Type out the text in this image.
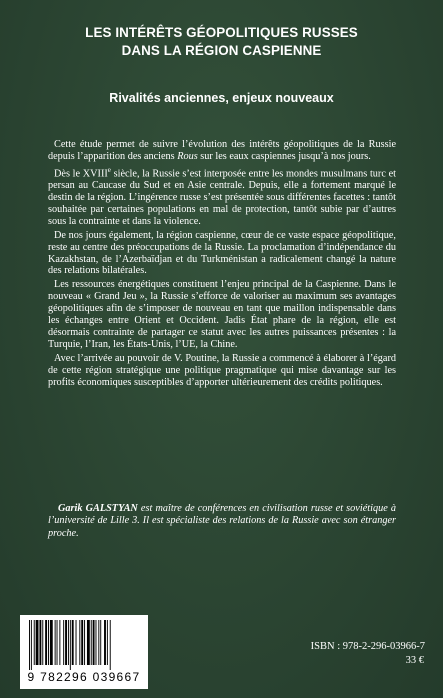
LES INTÉRÊTS GÉOPOLITIQUES RUSSES
DANS LA RÉGION CASPIENNE
Rivalités anciennes, enjeux nouveaux

Cette étude permet de suivre l’évolution des intérêts géopolitiques de la Russie depuis l’apparition des anciens Rous sur les eaux caspiennes jusqu’à nos jours.

Dès le XVIIIe siècle, la Russie s’est interposée entre les mondes musulmans turc et persan au Caucase du Sud et en Asie centrale. Depuis, elle a fortement marqué le destin de la région. L’ingérence russe s’est présentée sous différentes facettes : tantôt souhaitée par certaines populations en mal de protection, tantôt subie par d’autres sous la contrainte et dans la violence.

De nos jours également, la région caspienne, cœur de ce vaste espace géopolitique, reste au centre des préoccupations de la Russie. La proclamation d’indépendance du Kazakhstan, de l’Azerbaïdjan et du Turkménistan a radicalement changé la nature des relations bilatérales.

Les ressources énergétiques constituent l’enjeu principal de la Caspienne. Dans le nouveau « Grand Jeu », la Russie s’efforce de valoriser au maximum ses avantages géopolitiques afin de s’imposer de nouveau en tant que maillon indispensable dans les échanges entre Orient et Occident. Jadis État phare de la région, elle est désormais contrainte de partager ce statut avec les autres puissances présentes : la Turquie, l’Iran, les États-Unis, l’UE, la Chine.

Avec l’arrivée au pouvoir de V. Poutine, la Russie a commencé à élaborer à l’égard de cette région stratégique une politique pragmatique qui mise davantage sur les profits économiques susceptibles d’apporter ultérieurement des crédits politiques.

Garik GALSTYAN est maître de conférences en civilisation russe et soviétique à l’université de Lille 3. Il est spécialiste des relations de la Russie avec son étranger proche.

9 782296 039667
ISBN : 978-2-296-03966-7
33 €
